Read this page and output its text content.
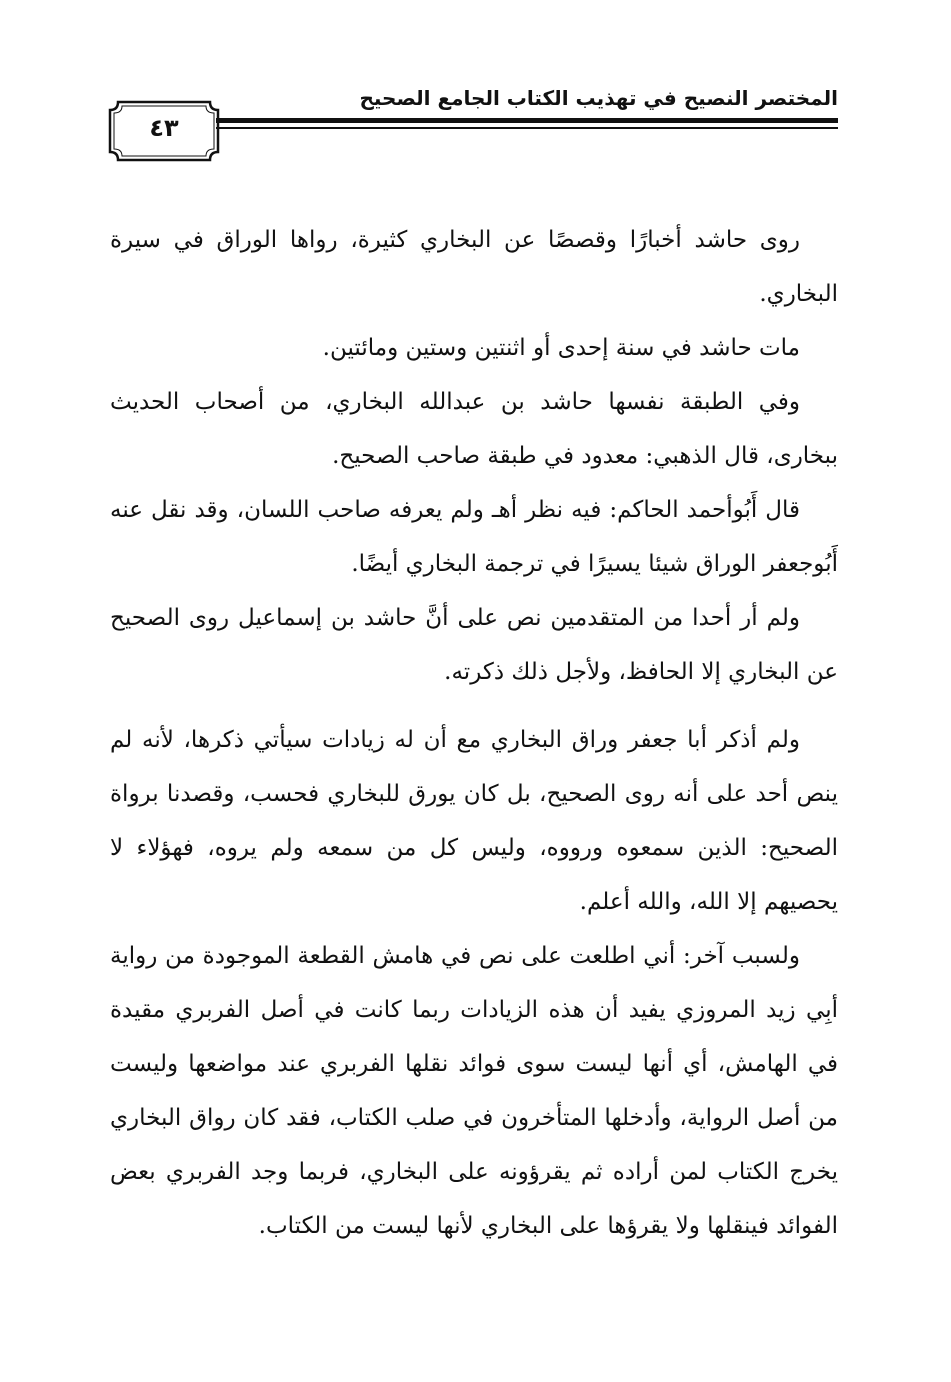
المختصر النصيح في تهذيب الكتاب الجامع الصحيح
٤٣

روى حاشد أخبارًا وقصصًا عن البخاري كثيرة، رواها الوراق في سيرة البخاري.

مات حاشد في سنة إحدى أو اثنتين وستين ومائتين.

وفي الطبقة نفسها حاشد بن عبدالله البخاري، من أصحاب الحديث ببخارى، قال الذهبي: معدود في طبقة صاحب الصحيح.

قال أَبُوأحمد الحاكم: فيه نظر أهـ ولم يعرفه صاحب اللسان، وقد نقل عنه أَبُوجعفر الوراق شيئا يسيرًا في ترجمة البخاري أيضًا.

ولم أر أحدا من المتقدمين نص على أنَّ حاشد بن إسماعيل روى الصحيح عن البخاري إلا الحافظ، ولأجل ذلك ذكرته.

ولم أذكر أبا جعفر وراق البخاري مع أن له زيادات سيأتي ذكرها، لأنه لم ينص أحد على أنه روى الصحيح، بل كان يورق للبخاري فحسب، وقصدنا برواة الصحيح: الذين سمعوه ورووه، وليس كل من سمعه ولم يروه، فهؤلاء لا يحصيهم إلا الله، والله أعلم.

ولسبب آخر: أني اطلعت على نص في هامش القطعة الموجودة من رواية أبِي زيد المروزي يفيد أن هذه الزيادات ربما كانت في أصل الفربري مقيدة في الهامش، أي أنها ليست سوى فوائد نقلها الفربري عند مواضعها وليست من أصل الرواية، وأدخلها المتأخرون في صلب الكتاب، فقد كان رواق البخاري يخرج الكتاب لمن أراده ثم يقرؤونه على البخاري، فربما وجد الفربري بعض الفوائد فينقلها ولا يقرؤها على البخاري لأنها ليست من الكتاب.
